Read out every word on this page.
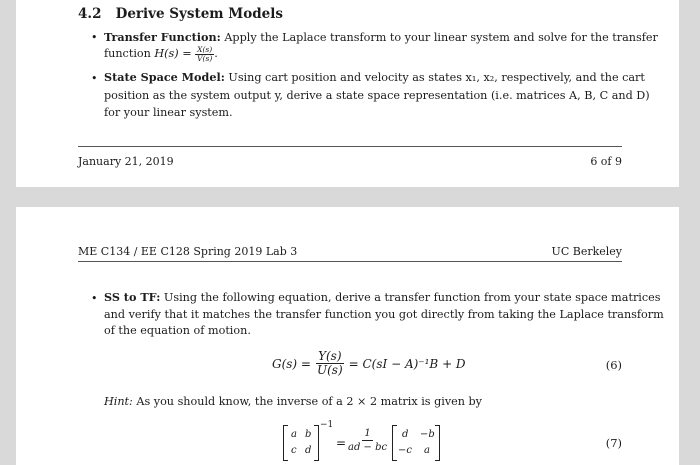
4.2 Derive System Models
• Transfer Function: Apply the Laplace transform to your linear system and solve for the transfer
function $H(s) = \frac{X(s)}{V(s)}$ .
• State Space Model: Using cart position and velocity as states x₁, x₂, respectively, and the cart
position as the system output y, derive a state space representation (i.e. matrices A, B, C and D)
for your linear system.
January 21, 2019	6 of 9
ME C134 / EE C128 Spring 2019 Lab 3	UC Berkeley
• SS to TF: Using the following equation, derive a transfer function from your state space matrices
and verify that it matches the transfer function you got directly from taking the Laplace transform
of the equation of motion.
$G(s) = \frac{Y(s)}{U(s)} = C(sI - A)^{-1}B + D$	(6)
Hint: As you should know, the inverse of a 2 × 2 matrix is given by
a b
c d
−1
= $\frac{1}{ad - bc}$ d −b
−c a
(7)
